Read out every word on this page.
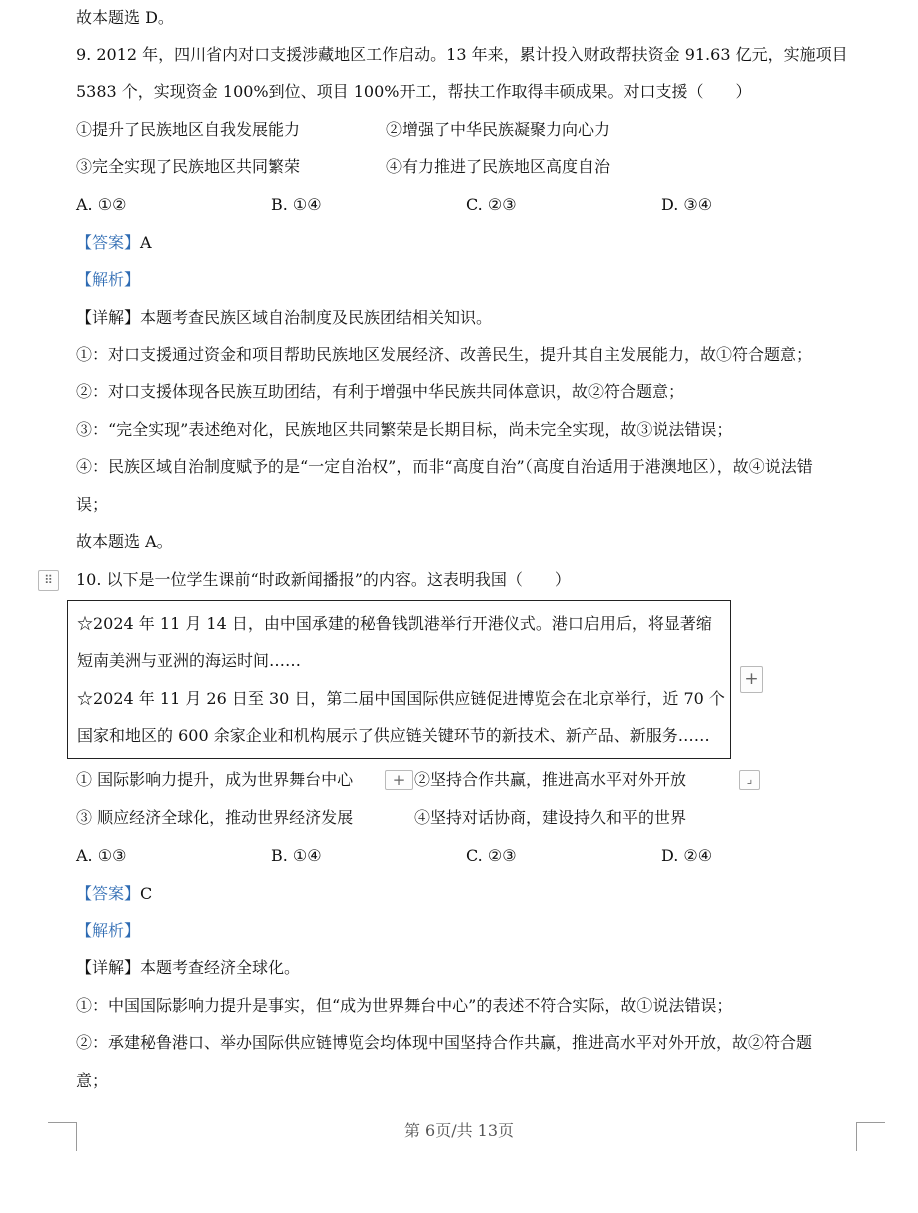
故本题选 D。
9. 2012 年，四川省内对口支援涉藏地区工作启动。13 年来，累计投入财政帮扶资金 91.63 亿元，实施项目
5383 个，实现资金 100%到位、项目 100%开工，帮扶工作取得丰硕成果。对口支援（　　）
①提升了民族地区自我发展能力	②增强了中华民族凝聚力向心力
③完全实现了民族地区共同繁荣	④有力推进了民族地区高度自治
A. ①②	B. ①④	C. ②③	D. ③④
【答案】A
【解析】
【详解】本题考查民族区域自治制度及民族团结相关知识。
①：对口支援通过资金和项目帮助民族地区发展经济、改善民生，提升其自主发展能力，故①符合题意；
②：对口支援体现各民族互助团结，有利于增强中华民族共同体意识，故②符合题意；
③：“完全实现”表述绝对化，民族地区共同繁荣是长期目标，尚未完全实现，故③说法错误；
④：民族区域自治制度赋予的是“一定自治权”，而非“高度自治”（高度自治适用于港澳地区），故④说法错
误；
故本题选 A。
⠿	10. 以下是一位学生课前“时政新闻播报”的内容。这表明我国（　　）
☆2024 年 11 月 14 日，由中国承建的秘鲁钱凯港举行开港仪式。港口启用后，将显著缩
短南美洲与亚洲的海运时间……
☆2024 年 11 月 26 日至 30 日，第二届中国国际供应链促进博览会在北京举行，近 70 个
国家和地区的 600 余家企业和机构展示了供应链关键环节的新技术、新产品、新服务……
+
+	⌟
① 国际影响力提升，成为世界舞台中心	②坚持合作共赢，推进高水平对外开放
③ 顺应经济全球化，推动世界经济发展	④坚持对话协商，建设持久和平的世界
A. ①③	B. ①④	C. ②③	D. ②④
【答案】C
【解析】
【详解】本题考查经济全球化。
①：中国国际影响力提升是事实，但“成为世界舞台中心”的表述不符合实际，故①说法错误；
②：承建秘鲁港口、举办国际供应链博览会均体现中国坚持合作共赢，推进高水平对外开放，故②符合题
意；
第 6页/共 13页
